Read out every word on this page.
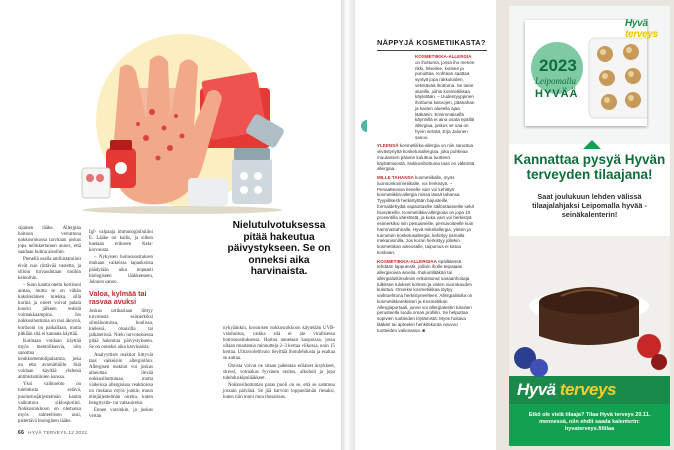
sijainen lääke. Allergian hoitoon verrattuna nokkosrokossa tarvitaan joskus jopa nelinkertainen annos, että saadaan kutina aisoihin.

Pienellä osalla antihistamiinit eivät nuo riittävää vastetta, ja silloin turvaudutaan muihin keinoihin.

– Suun kautta otettu kortisoni auttaa, mutta se on vähän kaksiteräinen miekka, sillä kurina ja oireet voivat palata kuurin jälkeen entistä voimakkaampina. Jos nokkosihottuma on tosi äkoynä, kortisoni on paikallaan, mutta pitkään sitä ei kannata käyttää.

Kutinaan voidaan käyttää myös mentolikasvia, niin sanottua keuhkomentolipalsamia, joka on etta avomättäille. Sitä voidaan käyttää yhdessä antihistamiinien kanssa.

Yksi vaihtoehto on tulehdusta estävä, puolustusjärjestelmän kautta vaikuttava siklosporiini. Nokkosrokkoon on olemassa myös suhteellisen uusi, pistettävä biologinen lääke.

Igf- valpaaja immunoglobuliini E. Lääke on kallis, ja siihen haetaan erikseen Kela-korvausta.

– Nykyisen hoitosuosituksen mukaan vaikeissa tapauksissa päädytään aika nopeasti biologiseen lääkkeeseen, Jalonen sanoo.

Valoa, kylmää tai rasvaa avuksi

Joskus urtikariaan liittyy turvotusta esimerkiksi silmäluomissa, huulissa, kielessä, otsaisilla tai jalkaterissä. Nielu turvotuksessa pitää hakeutua päivystykseen. Se on onneksi aika harvinaista.

Analyyttiset reaktiot liittyvät taas vaikeisiin allergioihin. Allergisen reaktiot voi joskus aiheuttaa lievää nokkosihottumaa, mutta vaikeissa allergisissa reaktioissa on mukana myös jonkin muun elinjärjestelmän oireita, kuten hengitystie- tai vatsaoireita.

Ennen varsinkin, ja joskus vertan

Nielutulvotuksessa pitää hakeutua päivystykseen. Se on onneksi aika harvinaista.

nykyäänkin, kroonisen nokkosrokkoon käytetään UVB-valohoitoa, vaikka sitä ei ole virallisessa hoitosuosituksessa. Hoitoa annetaan kaupoissa, jossa ollaan muutamia minuutteja 2–3 kertaa viikossa, noin 15 kertaa. Ultraviolettivalo lievittää ihotulehdusta ja esaltaa se auttaa.

Omista voivat ne sitaan pahentaa erilaiset ärsykkeet, stressi, voimakas fyysinen rasitus, alkoholi ja jopa tulehduskipulääkkeet.

Nokkosihottuman paras puoli on se, että se sammuu jossain päivänä. Se jää harvoin loppuelämän riesaksi, kuten niin moni muu ihosairaus.

66 HYVÄ TERVEYS 12 2022
NÄPPYJÄ KOSMETIIKASTA?

KOSMETIIKKA-ALLERGIA on ihottuma, jossa iho menee rikki, hilseilee, kutisee ja punoittaa. Kohtaan saattaa syntyä jopa rakkuloiden, vetistävää ihottuma. Se tulee alueille, joihin kosmetiikkaa käytetään. – Uudentyyppinen ihottuma kasvojen, päänahan ja kasien alueella ajaa lääkäriin. Ensimmäisellä käynnillä ei aina osata epäillä allergiaa, joskus se saa on hyvin selvää, Erja Jalonen sanoo.

YLEENSÄ kosmetiikka-allergia on niin sanottua viivästynyttä kosketusallergiaa, joka puhkeaa muutamien päivien kuluttua tuotteen käyttämisestä. Nokkosihottuma taas on välitöntä allergiaa.

MILLE TAHANSA kosmetiikalle, myös luonnonkosmetiikalle, voi herkistyä. – Periaatteessa kenelle vain voi kehittyä kosmetiikka-allergia missä iässä tahansa. Tyypillisesti herkistytään hajusteille, formaldehydiä vapauttaville säilöntäaineille sekä hiusväreille. Kosmetiikka-allergioita on jopa 10 prosentilla väestöstä, ja kuka vain voi herkistyä esimerkiksi niin pesuaineille, persuvoiteelle kuin hammastahnalle. Hyvä mikeliallergia, yleisin ja tunnetuin kosketusallergia, kehittyy samalla mekanismilla. Jos koran herkistyy jollekin kosmetiikan aineosalle, taipumus ei katoa koskaan.

KOSMETIIKKA-ALLERGIAA epäiltäessä tehdään lapputestit, joilloin iholle teipataan allergisoivia aineita. Iholuotilääkäri tai allergialutkimuksiin erikoistunut sairaanhoitaja tulkitsee tulokset kolmen ja viiden vuorokauden kuluttua. Onneksi kosmetiikkaa löytyy vaihtoehtona herkistyneelleen. Allergialiitolla on kosmetiikkarekisteri ja Kosmetiikan Allergiaportaali, jonne voi allergiatestin tulosten perusteella luoda oman profiilin. Se helpottaa sopivien tuotteiden löytämistä. Myös hoitava lääkäri tai apteekin henkilökunta neuvoo tuotteiden valinnassa. ■

2023
Leipomalla
HYVÄÄ
Hyvä terveys
Kannattaa pysyä Hyvän terveyden tilaajana!
Saat joulukuun lehden välissä tilaajalahjaksi Leipomalla hyvää -seinäkalenterin!
Hyvä terveys
Etkö ole vielä tilaaja? Tilaa Hyvä terveys 20.11. mennessä, niin ehdit saada kalenterin: hyvaterveys.fi/tilaa
